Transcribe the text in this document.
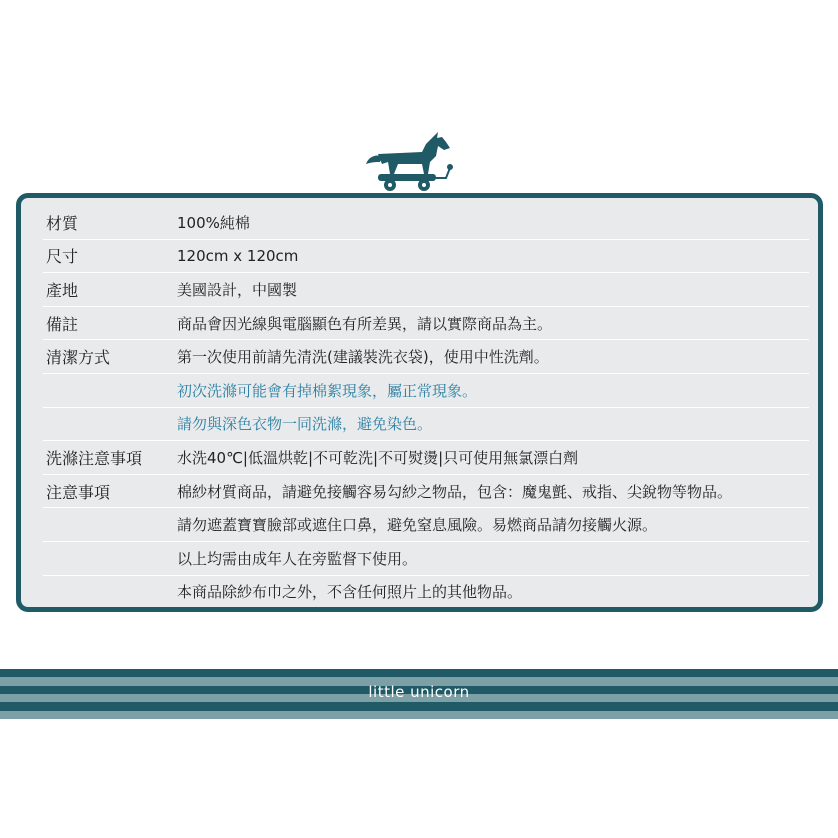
材質	100%純棉
尺寸	120cm x 120cm
產地	美國設計，中國製
備註	商品會因光線與電腦顯色有所差異，請以實際商品為主。
清潔方式	第一次使用前請先清洗(建議裝洗衣袋)，使用中性洗劑。
初次洗滌可能會有掉棉絮現象，屬正常現象。
請勿與深色衣物一同洗滌，避免染色。
洗滌注意事項	水洗40℃|低溫烘乾|不可乾洗|不可熨燙|只可使用無氯漂白劑
注意事項	棉紗材質商品，請避免接觸容易勾紗之物品，包含：魔鬼氈、戒指、尖銳物等物品。
請勿遮蓋寶寶臉部或遮住口鼻，避免窒息風險。易燃商品請勿接觸火源。
以上均需由成年人在旁監督下使用。
本商品除紗布巾之外，不含任何照片上的其他物品。
little unicorn
